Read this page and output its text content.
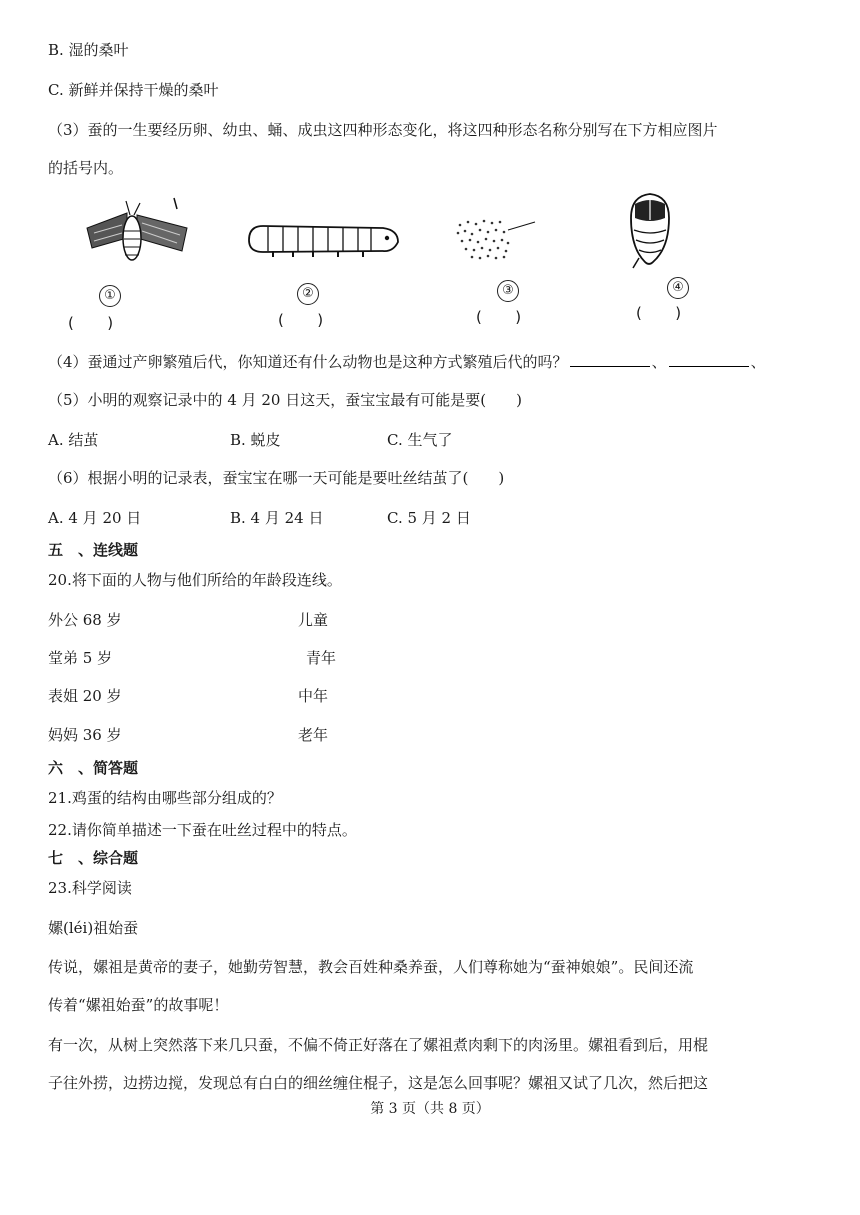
B. 湿的桑叶
C. 新鲜并保持干燥的桑叶
（3）蚕的一生要经历卵、幼虫、蛹、成虫这四种形态变化，将这四种形态名称分别写在下方相应图片
的括号内。
①	②	③	④
(       )	(       )	(       )	(       )
（4）蚕通过产卵繁殖后代，你知道还有什么动物也是这种方式繁殖后代的吗？	、	、
（5）小明的观察记录中的 4 月 20 日这天，蚕宝宝最有可能是要(　　)
A. 结茧	B. 蜕皮	C. 生气了
（6）根据小明的记录表，蚕宝宝在哪一天可能是要吐丝结茧了(　　)
A. 4 月 20 日	B. 4 月 24 日	C. 5 月 2 日
五　、连线题
20.将下面的人物与他们所给的年龄段连线。
外公 68 岁	儿童
堂弟 5 岁	青年
表姐 20 岁	中年
妈妈 36 岁	老年
六　、简答题
21.鸡蛋的结构由哪些部分组成的？
22.请你简单描述一下蚕在吐丝过程中的特点。
七　、综合题
23.科学阅读
嫘(léi)祖始蚕
传说，嫘祖是黄帝的妻子，她勤劳智慧，教会百姓种桑养蚕，人们尊称她为“蚕神娘娘”。民间还流
传着“嫘祖始蚕”的故事呢！
有一次，从树上突然落下来几只蚕，不偏不倚正好落在了嫘祖煮肉剩下的肉汤里。嫘祖看到后，用棍
子往外捞，边捞边搅，发现总有白白的细丝缠住棍子，这是怎么回事呢？嫘祖又试了几次，然后把这
第 3 页（共 8 页）
